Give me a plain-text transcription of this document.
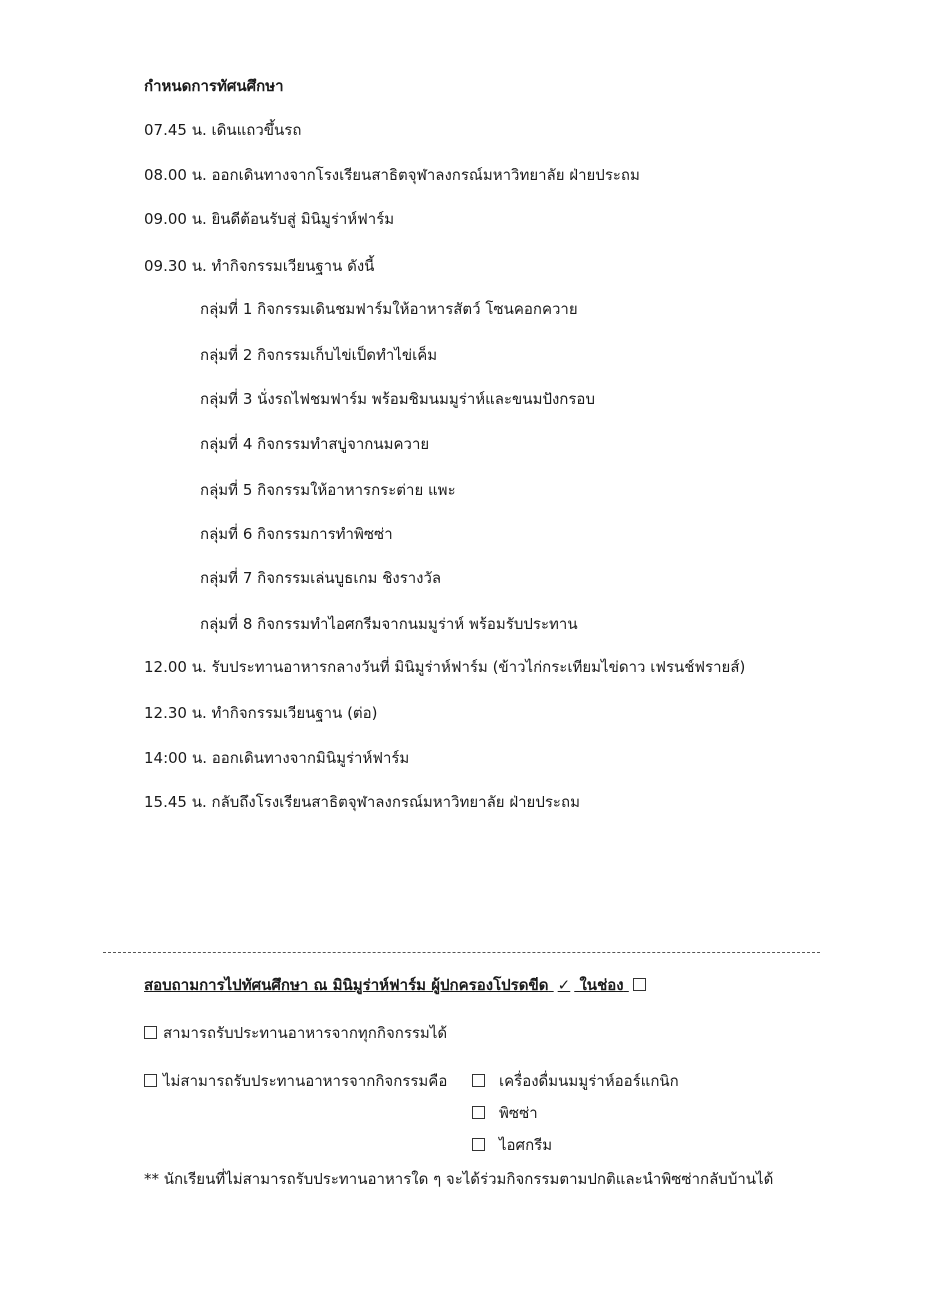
กำหนดการทัศนศึกษา
07.45 น. เดินแถวขึ้นรถ
08.00 น. ออกเดินทางจากโรงเรียนสาธิตจุฬาลงกรณ์มหาวิทยาลัย ฝ่ายประถม
09.00 น. ยินดีต้อนรับสู่ มินิมูร่าห์ฟาร์ม
09.30 น. ทำกิจกรรมเวียนฐาน ดังนี้
กลุ่มที่ 1 กิจกรรมเดินชมฟาร์มให้อาหารสัตว์ โซนคอกควาย
กลุ่มที่ 2 กิจกรรมเก็บไข่เป็ดทำไข่เค็ม
กลุ่มที่ 3 นั่งรถไฟชมฟาร์ม พร้อมชิมนมมูร่าห์และขนมปังกรอบ
กลุ่มที่ 4 กิจกรรมทำสบู่จากนมควาย
กลุ่มที่ 5 กิจกรรมให้อาหารกระต่าย แพะ
กลุ่มที่ 6 กิจกรรมการทำพิซซ่า
กลุ่มที่ 7 กิจกรรมเล่นบูธเกม ชิงรางวัล
กลุ่มที่ 8 กิจกรรมทำไอศกรีมจากนมมูร่าห์ พร้อมรับประทาน
12.00 น. รับประทานอาหารกลางวันที่ มินิมูร่าห์ฟาร์ม (ข้าวไก่กระเทียมไข่ดาว เฟรนช์ฟรายส์)
12.30 น. ทำกิจกรรมเวียนฐาน (ต่อ)
14:00 น. ออกเดินทางจากมินิมูร่าห์ฟาร์ม
15.45 น. กลับถึงโรงเรียนสาธิตจุฬาลงกรณ์มหาวิทยาลัย ฝ่ายประถม
สอบถามการไปทัศนศึกษา ณ มินิมูร่าห์ฟาร์ม ผู้ปกครองโปรดขีด ✓ ในช่อง
สามารถรับประทานอาหารจากทุกกิจกรรมได้
ไม่สามารถรับประทานอาหารจากกิจกรรมคือ	เครื่องดื่มนมมูร่าห์ออร์แกนิก
พิซซ่า
ไอศกรีม
** นักเรียนที่ไม่สามารถรับประทานอาหารใด ๆ จะได้ร่วมกิจกรรมตามปกติและนำพิซซ่ากลับบ้านได้
